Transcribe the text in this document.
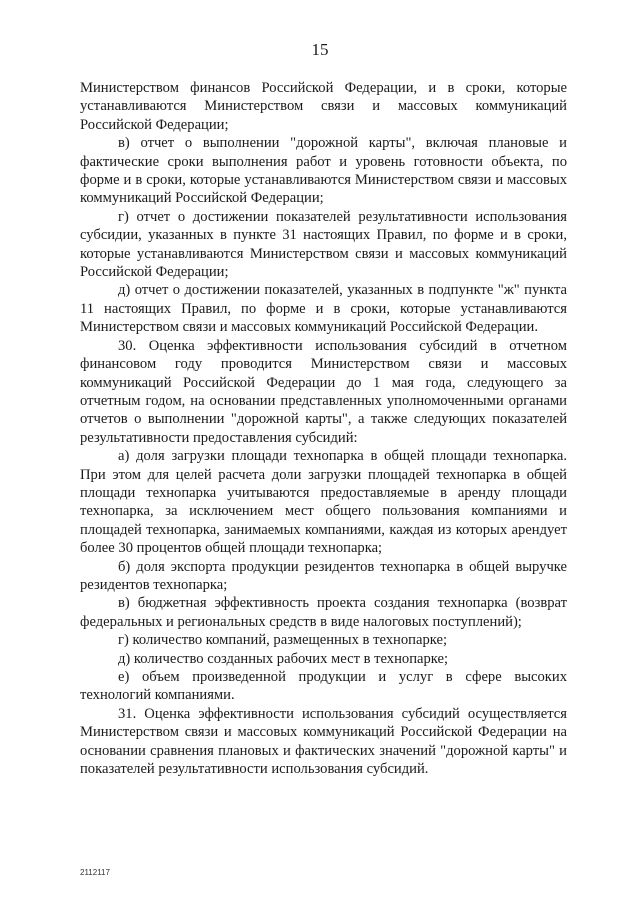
15

Министерством финансов Российской Федерации, и в сроки, которые устанавливаются Министерством связи и массовых коммуникаций Российской Федерации;

в) отчет о выполнении "дорожной карты", включая плановые и фактические сроки выполнения работ и уровень готовности объекта, по форме и в сроки, которые устанавливаются Министерством связи и массовых коммуникаций Российской Федерации;

г) отчет о достижении показателей результативности использования субсидии, указанных в пункте 31 настоящих Правил, по форме и в сроки, которые устанавливаются Министерством связи и массовых коммуникаций Российской Федерации;

д) отчет о достижении показателей, указанных в подпункте "ж" пункта 11 настоящих Правил, по форме и в сроки, которые устанавливаются Министерством связи и массовых коммуникаций Российской Федерации.

30. Оценка эффективности использования субсидий в отчетном финансовом году проводится Министерством связи и массовых коммуникаций Российской Федерации до 1 мая года, следующего за отчетным годом, на основании представленных уполномоченными органами отчетов о выполнении "дорожной карты", а также следующих показателей результативности предоставления субсидий:

а) доля загрузки площади технопарка в общей площади технопарка. При этом для целей расчета доли загрузки площадей технопарка в общей площади технопарка учитываются предоставляемые в аренду площади технопарка, за исключением мест общего пользования компаниями и площадей технопарка, занимаемых компаниями, каждая из которых арендует более 30 процентов общей площади технопарка;

б) доля экспорта продукции резидентов технопарка в общей выручке резидентов технопарка;

в) бюджетная эффективность проекта создания технопарка (возврат федеральных и региональных средств в виде налоговых поступлений);

г) количество компаний, размещенных в технопарке;

д) количество созданных рабочих мест в технопарке;

е) объем произведенной продукции и услуг в сфере высоких технологий компаниями.

31. Оценка эффективности использования субсидий осуществляется Министерством связи и массовых коммуникаций Российской Федерации на основании сравнения плановых и фактических значений "дорожной карты" и показателей результативности использования субсидий.

2112117
